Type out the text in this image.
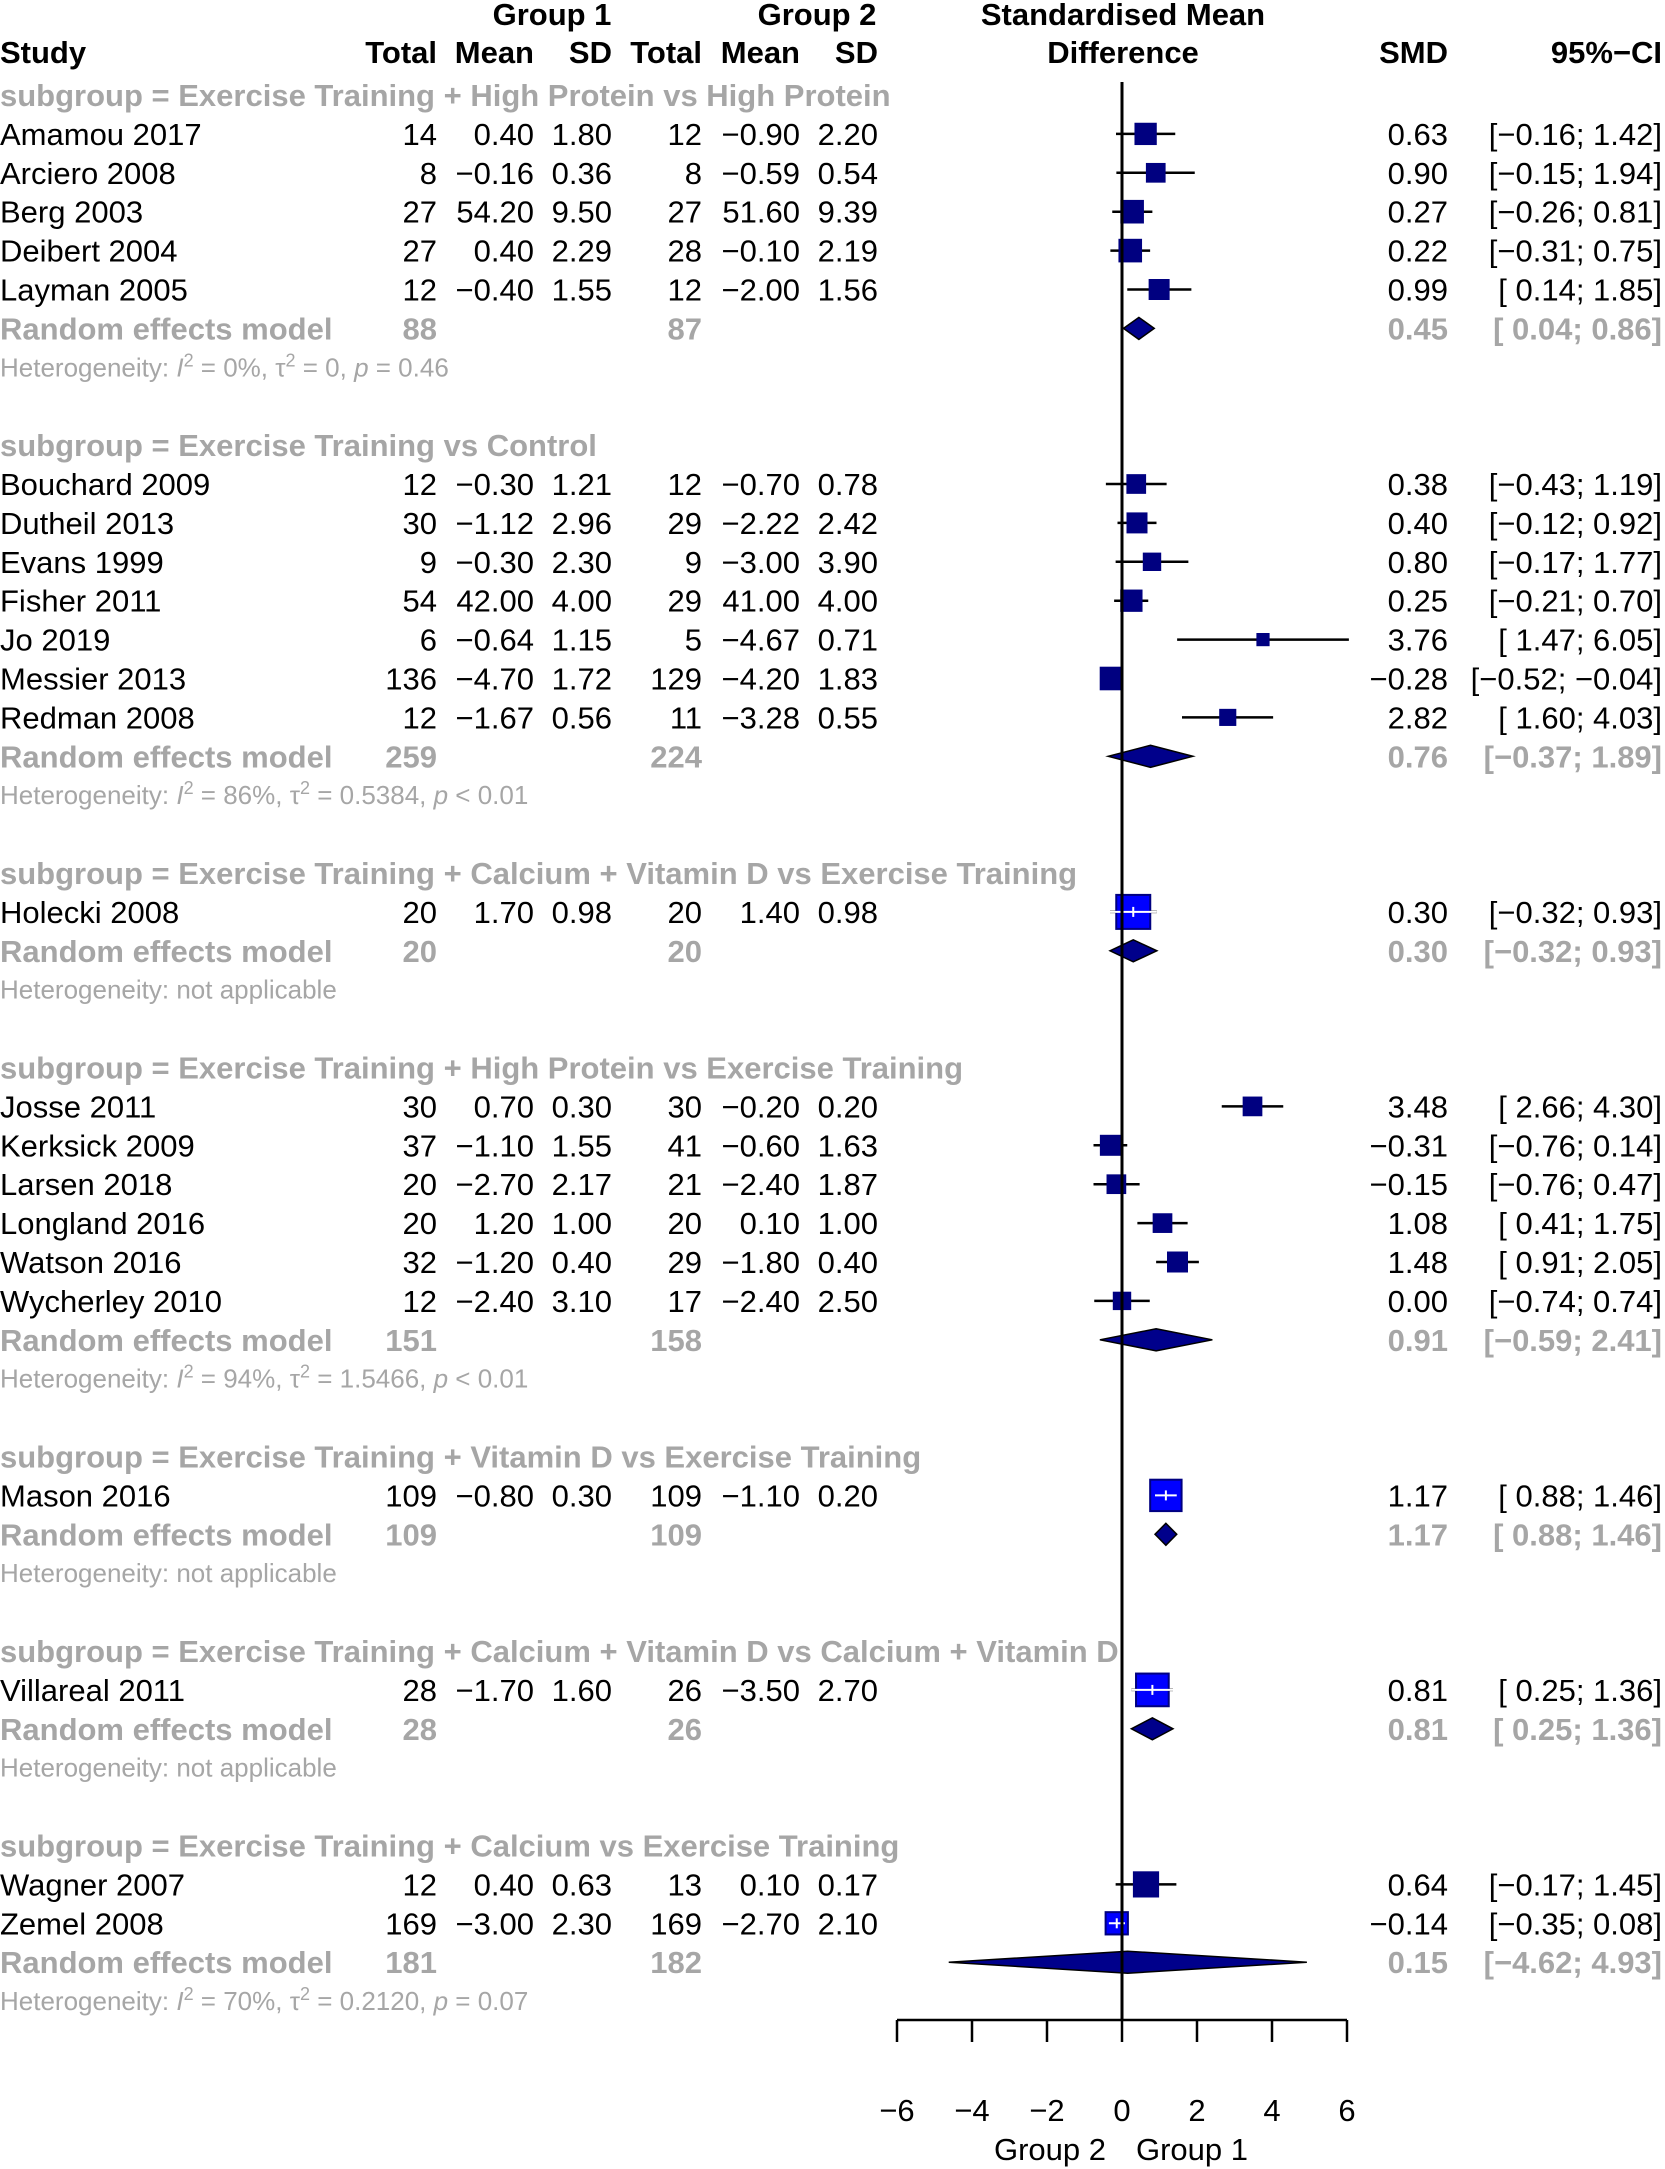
Study
Group 1	Group 2
Total Mean SD Total Mean SD
Standardised Mean
Difference	SMD	95%−CI
subgroup = Exercise Training + High Protein vs High Protein
Amamou 2017	14 0.40 1.80 12 −0.90 2.20	0.63 [−0.16; 1.42]
Arciero 2008	8 −0.16 0.36 8 −0.59 0.54	0.90 [−0.15; 1.94]
Berg 2003	27 54.20 9.50 27 51.60 9.39	0.27 [−0.26; 0.81]
Deibert 2004	27 0.40 2.29 28 −0.10 2.19	0.22 [−0.31; 0.75]
Layman 2005	12 −0.40 1.55 12 −2.00 1.56	0.99 [ 0.14; 1.85]
Random effects model 88	87	0.45 [ 0.04; 0.86]
Heterogeneity: $I^2 = 0\%$, $\tau^2 = 0$, p = 0.46
subgroup = Exercise Training vs Control
Bouchard 2009	12 −0.30 1.21 12 −0.70 0.78	0.38 [−0.43; 1.19]
Dutheil 2013	30 −1.12 2.96 29 −2.22 2.42	0.40 [−0.12; 0.92]
Evans 1999	9 −0.30 2.30 9 −3.00 3.90	0.80 [−0.17; 1.77]
Fisher 2011	54 42.00 4.00 29 41.00 4.00	0.25 [−0.21; 0.70]
Jo 2019	6 −0.64 1.15 5 −4.67 0.71	3.76 [ 1.47; 6.05]
Messier 2013	136 −4.70 1.72 129 −4.20 1.83	−0.28 [−0.52; −0.04]
Redman 2008	12 −1.67 0.56 11 −3.28 0.55	2.82 [ 1.60; 4.03]
Random effects model 259	224	0.76 [−0.37; 1.89]
Heterogeneity: $I^2 = 86\%$, $\tau^2 = 0.5384$, p < 0.01
subgroup = Exercise Training + Calcium + Vitamin D vs Exercise Training
Holecki 2008	20 1.70 0.98 20 1.40 0.98	0.30 [−0.32; 0.93]
Random effects model 20	20	0.30 [−0.32; 0.93]
Heterogeneity: not applicable
subgroup = Exercise Training + High Protein vs Exercise Training
Josse 2011	30 0.70 0.30 30 −0.20 0.20	3.48 [ 2.66; 4.30]
Kerksick 2009	37 −1.10 1.55 41 −0.60 1.63	−0.31 [−0.76; 0.14]
Larsen 2018	20 −2.70 2.17 21 −2.40 1.87	−0.15 [−0.76; 0.47]
Longland 2016	20 1.20 1.00 20 0.10 1.00	1.08 [ 0.41; 1.75]
Watson 2016	32 −1.20 0.40 29 −1.80 0.40	1.48 [ 0.91; 2.05]
Wycherley 2010	12 −2.40 3.10 17 −2.40 2.50	0.00 [−0.74; 0.74]
Random effects model 151	158	0.91 [−0.59; 2.41]
Heterogeneity: $I^2 = 94\%$, $\tau^2 = 1.5466$, p < 0.01
subgroup = Exercise Training + Vitamin D vs Exercise Training
Mason 2016	109 −0.80 0.30 109 −1.10 0.20	1.17 [ 0.88; 1.46]
Random effects model 109	109	1.17 [ 0.88; 1.46]
Heterogeneity: not applicable
subgroup = Exercise Training + Calcium + Vitamin D vs Calcium + Vitamin D
Villareal 2011	28 −1.70 1.60 26 −3.50 2.70	0.81 [ 0.25; 1.36]
Random effects model 28	26	0.81 [ 0.25; 1.36]
Heterogeneity: not applicable
subgroup = Exercise Training + Calcium vs Exercise Training
Wagner 2007	12 0.40 0.63 13 0.10 0.17	0.64 [−0.17; 1.45]
Zemel 2008	169 −3.00 2.30 169 −2.70 2.10	−0.14 [−0.35; 0.08]
Random effects model 181	182	0.15 [−4.62; 4.93]
Heterogeneity: $I^2 = 70\%$, $\tau^2 = 0.2120$, p = 0.07
−6 −4 −2 0 2 4 6
Group 2 Group 1
